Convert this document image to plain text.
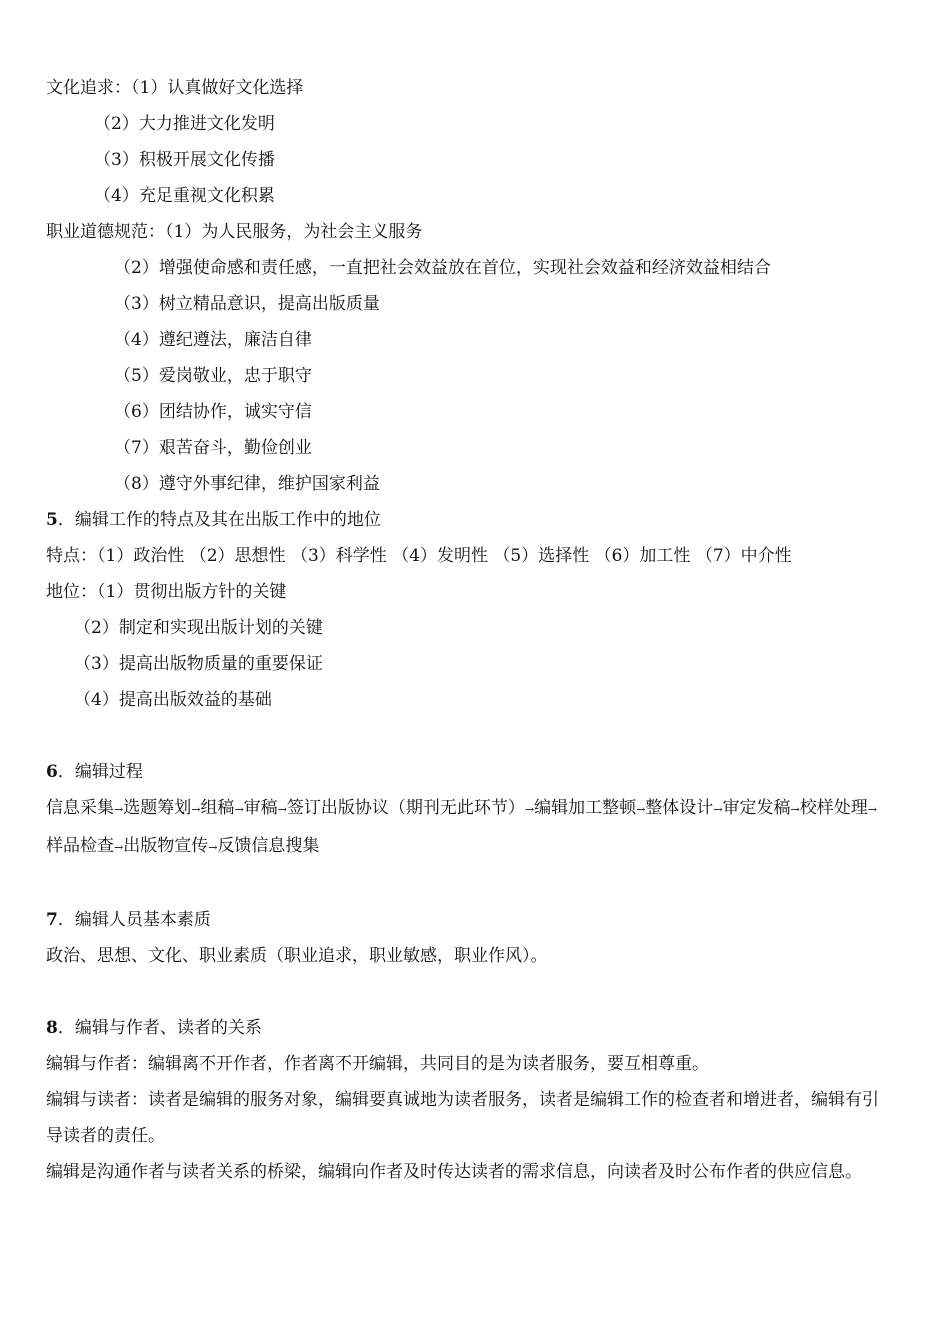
文化追求：（1）认真做好文化选择
（2）大力推进文化发明
（3）积极开展文化传播
（4）充足重视文化积累
职业道德规范：（1）为人民服务，为社会主义服务
（2）增强使命感和责任感，一直把社会效益放在首位，实现社会效益和经济效益相结合
（3）树立精品意识，提高出版质量
（4）遵纪遵法，廉洁自律
（5）爱岗敬业，忠于职守
（6）团结协作，诚实守信
（7）艰苦奋斗，勤俭创业
（8）遵守外事纪律，维护国家利益
5．编辑工作的特点及其在出版工作中的地位
特点：（1）政治性 （2）思想性 （3）科学性 （4）发明性 （5）选择性 （6）加工性 （7）中介性
地位：（1）贯彻出版方针的关键
（2）制定和实现出版计划的关键
（3）提高出版物质量的重要保证
（4）提高出版效益的基础
6．编辑过程
信息采集→选题筹划→组稿→审稿→签订出版协议（期刊无此环节）→编辑加工整顿→整体设计→审定发稿→校样处理→样品检查→出版物宣传→反馈信息搜集
7．编辑人员基本素质
政治、思想、文化、职业素质（职业追求，职业敏感，职业作风）。
8．编辑与作者、读者的关系
编辑与作者：编辑离不开作者，作者离不开编辑，共同目的是为读者服务，要互相尊重。
编辑与读者：读者是编辑的服务对象，编辑要真诚地为读者服务，读者是编辑工作的检查者和增进者，编辑有引导读者的责任。
编辑是沟通作者与读者关系的桥梁，编辑向作者及时传达读者的需求信息，向读者及时公布作者的供应信息。
